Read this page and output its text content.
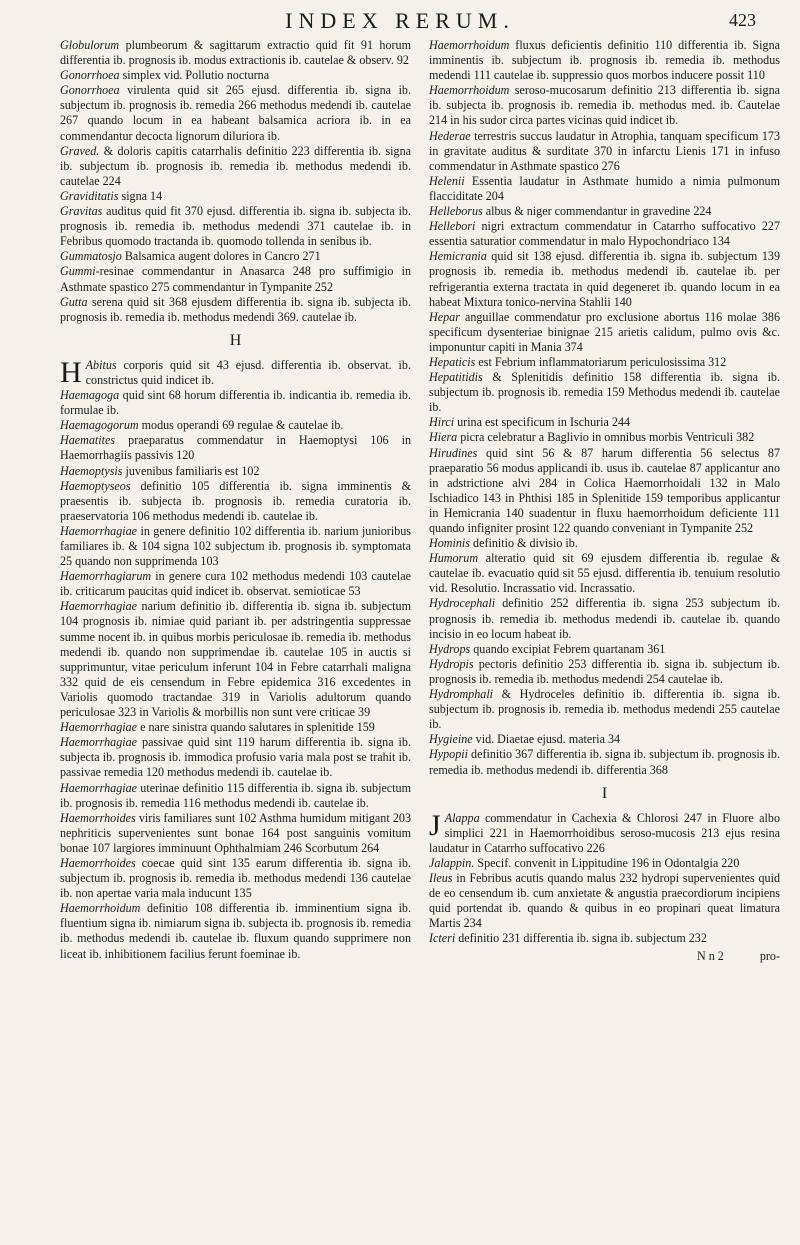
INDEX RERUM.	423

Globulorum plumbeorum & sagittarum extractio quid fit 91 horum differentia ib. prognosis ib. modus extractionis ib. cautelae & observ. 92

Gonorrhoea simplex vid. Pollutio nocturna

Gonorrhoea virulenta quid sit 265 ejusd. differentia ib. signa ib. subjectum ib. prognosis ib. remedia 266 methodus medendi ib. cautelae 267 quando locum in ea habeant balsamica acriora ib. in ea commendantur decocta lignorum diluriora ib.

Graved. & doloris capitis catarrhalis definitio 223 differentia ib. signa ib. subjectum ib. prognosis ib. remedia ib. methodus medendi ib. cautelae 224

Graviditatis signa 14

Gravitas auditus quid fit 370 ejusd. differentia ib. signa ib. subjecta ib. prognosis ib. remedia ib. methodus medendi 371 cautelae ib. in Febribus quomodo tractanda ib. quomodo tollenda in senibus ib.

Gummatosjo Balsamica augent dolores in Cancro 271

Gummi-resinae commendantur in Anasarca 248 pro suffimigio in Asthmate spastico 275 commendantur in Tympanite 252

Gutta serena quid sit 368 ejusdem differentia ib. signa ib. subjecta ib. prognosis ib. remedia ib. methodus medendi 369. cautelae ib.

H

H Abitus corporis quid sit 43 ejusd. differentia ib. observat. ib. constrictus quid indicet ib.

Haemagoga quid sint 68 horum differentia ib. indicantia ib. remedia ib. formulae ib.

Haemagogorum modus operandi 69 regulae & cautelae ib.

Haematites praeparatus commendatur in Haemoptysi 106 in Haemorrhagiis passivis 120

Haemoptysis juvenibus familiaris est 102

Haemoptyseos definitio 105 differentia ib. signa imminentis & praesentis ib. subjecta ib. prognosis ib. remedia curatoria ib. praeservatoria 106 methodus medendi ib. cautelae ib.

Haemorrhagiae in genere definitio 102 differentia ib. narium junioribus familiares ib. & 104 signa 102 subjectum ib. prognosis ib. symptomata 25 quando non supprimenda 103

Haemorrhagiarum in genere cura 102 methodus medendi 103 cautelae ib. criticarum paucitas quid indicet ib. observat. semioticae 53

Haemorrhagiae narium definitio ib. differentia ib. signa ib. subjectum 104 prognosis ib. nimiae quid pariant ib. per adstringentia suppressae summe nocent ib. in quibus morbis periculosae ib. remedia ib. methodus medendi ib. quando non supprimendae ib. cautelae 105 in auctis si supprimuntur, vitae periculum inferunt 104 in Febre catarrhali maligna 332 quid de eis censendum in Febre epidemica 316 excedentes in Variolis quomodo tractandae 319 in Variolis adultorum quando periculosae 323 in Variolis & morbillis non sunt vere criticae 39

Haemorrhagiae e nare sinistra quando salutares in splenitide 159

Haemorrhagiae passivae quid sint 119 harum differentia ib. signa ib. subjecta ib. prognosis ib. immodica profusio varia mala post se trahit ib. passivae remedia 120 methodus medendi ib. cautelae ib.

Haemorrhagiae uterinae definitio 115 differentia ib. signa ib. subjectum ib. prognosis ib. remedia 116 methodus medendi ib. cautelae ib.

Haemorrhoides viris familiares sunt 102 Asthma humidum mitigant 203 nephriticis supervenientes sunt bonae 164 post sanguinis vomitum bonae 107 largiores imminuunt Ophthalmiam 246 Scorbutum 264

Haemorrhoides coecae quid sint 135 earum differentia ib. signa ib. subjectum ib. prognosis ib. remedia ib. methodus medendi 136 cautelae ib. non apertae varia mala inducunt 135

Haemorrhoidum definitio 108 differentia ib. imminentium signa ib. fluentium signa ib. nimiarum signa ib. subjecta ib. prognosis ib. remedia ib. methodus medendi ib. cautelae ib. fluxum quando supprimere non liceat ib. inhibitionem facilius ferunt foeminae ib.

Haemorrhoidum fluxus deficientis definitio 110 differentia ib. Signa imminentis ib. subjectum ib. prognosis ib. remedia ib. methodus medendi 111 cautelae ib. suppressio quos morbos inducere possit 110

Haemorrhoidum seroso-mucosarum definitio 213 differentia ib. signa ib. subjecta ib. prognosis ib. remedia ib. methodus med. ib. Cautelae 214 in his sudor circa partes vicinas quid indicet ib.

Hederae terrestris succus laudatur in Atrophia, tanquam specificum 173 in gravitate auditus & surditate 370 in infarctu Lienis 171 in infuso commendatur in Asthmate spastico 276

Helenii Essentia laudatur in Asthmate humido a nimia pulmonum flacciditate 204

Helleborus albus & niger commendantur in gravedine 224

Hellebori nigri extractum commendatur in Catarrho suffocativo 227 essentia saturatior commendatur in malo Hypochondriaco 134

Hemicrania quid sit 138 ejusd. differentia ib. signa ib. subjectum 139 prognosis ib. remedia ib. methodus medendi ib. cautelae ib. per refrigerantia externa tractata in quid degeneret ib. quando locum in ea habeat Mixtura tonico-nervina Stahlii 140

Hepar anguillae commendatur pro exclusione abortus 116 molae 386 specificum dysenteriae binignae 215 arietis calidum, pulmo ovis &c. imponuntur capiti in Mania 374

Hepaticis est Febrium inflammatoriarum periculosissima 312

Hepatitidis & Splenitidis definitio 158 differentia ib. signa ib. subjectum ib. prognosis ib. remedia 159 Methodus medendi ib. cautelae ib.

Hirci urina est specificum in Ischuria 244

Hiera picra celebratur a Baglivio in omnibus morbis Ventriculi 382

Hirudines quid sint 56 & 87 harum differentia 56 selectus 87 praeparatio 56 modus applicandi ib. usus ib. cautelae 87 applicantur ano in adstrictione alvi 284 in Colica Haemorrhoidali 132 in Malo Ischiadico 143 in Phthisi 185 in Splenitide 159 temporibus applicantur in Hemicrania 140 suadentur in fluxu haemorrhoidum deficiente 111 quando infigniter prosint 122 quando conveniant in Tympanite 252

Hominis definitio & divisio ib.

Humorum alteratio quid sit 69 ejusdem differentia ib. regulae & cautelae ib. evacuatio quid sit 55 ejusd. differentia ib. tenuium resolutio vid. Resolutio. Incrassatio vid. Incrassatio.

Hydrocephali definitio 252 differentia ib. signa 253 subjectum ib. prognosis ib. remedia ib. methodus medendi ib. cautelae ib. quando incisio in eo locum habeat ib.

Hydrops quando excipiat Febrem quartanam 361

Hydropis pectoris definitio 253 differentia ib. signa ib. subjectum ib. prognosis ib. remedia ib. methodus medendi 254 cautelae ib.

Hydromphali & Hydroceles definitio ib. differentia ib. signa ib. subjectum ib. prognosis ib. remedia ib. methodus medendi 255 cautelae ib.

Hygieine vid. Diaetae ejusd. materia 34

Hypopii definitio 367 differentia ib. signa ib. subjectum ib. prognosis ib. remedia ib. methodus medendi ib. differentia 368

I

J Alappa commendatur in Cachexia & Chlorosi 247 in Fluore albo simplici 221 in Haemorrhoidibus seroso-mucosis 213 ejus resina laudatur in Catarrho suffocativo 226

Jalappin. Specif. convenit in Lippitudine 196 in Odontalgia 220

Ileus in Febribus acutis quando malus 232 hydropi supervenientes quid de eo censendum ib. cum anxietate & angustia praecordiorum incipiens quid portendat ib. quando & quibus in eo propinari queat limatura Martis 234

Icteri definitio 231 differentia ib. signa ib. subjectum 232

N n 2	pro-
